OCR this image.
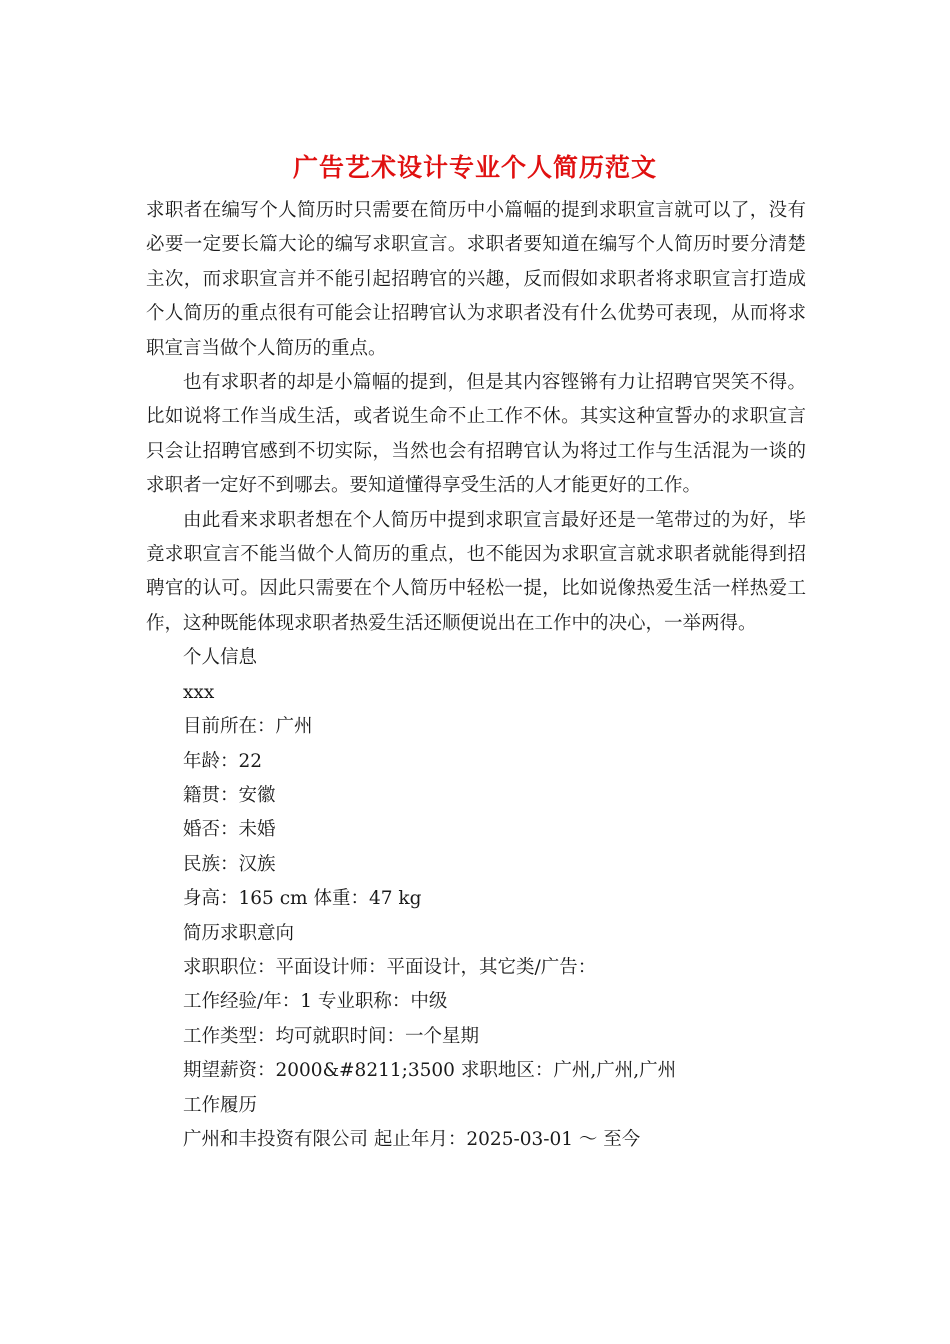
广告艺术设计专业个人简历范文

求职者在编写个人简历时只需要在简历中小篇幅的提到求职宣言就可以了，没有必要一定要长篇大论的编写求职宣言。求职者要知道在编写个人简历时要分清楚主次，而求职宣言并不能引起招聘官的兴趣，反而假如求职者将求职宣言打造成个人简历的重点很有可能会让招聘官认为求职者没有什么优势可表现，从而将求职宣言当做个人简历的重点。

也有求职者的却是小篇幅的提到，但是其内容铿锵有力让招聘官哭笑不得。比如说将工作当成生活，或者说生命不止工作不休。其实这种宣誓办的求职宣言只会让招聘官感到不切实际，当然也会有招聘官认为将过工作与生活混为一谈的求职者一定好不到哪去。要知道懂得享受生活的人才能更好的工作。

由此看来求职者想在个人简历中提到求职宣言最好还是一笔带过的为好，毕竟求职宣言不能当做个人简历的重点，也不能因为求职宣言就求职者就能得到招聘官的认可。因此只需要在个人简历中轻松一提，比如说像热爱生活一样热爱工作，这种既能体现求职者热爱生活还顺便说出在工作中的决心，一举两得。

个人信息
xxx
目前所在：广州
年龄：22
籍贯：安徽
婚否：未婚
民族：汉族
身高：165 cm 体重：47 kg
简历求职意向
求职职位：平面设计师：平面设计，其它类/广告：
工作经验/年：1 专业职称：中级
工作类型：均可就职时间：一个星期
期望薪资：2000&#8211;3500 求职地区：广州,广州,广州
工作履历
广州和丰投资有限公司 起止年月：2025-03-01 ～ 至今
